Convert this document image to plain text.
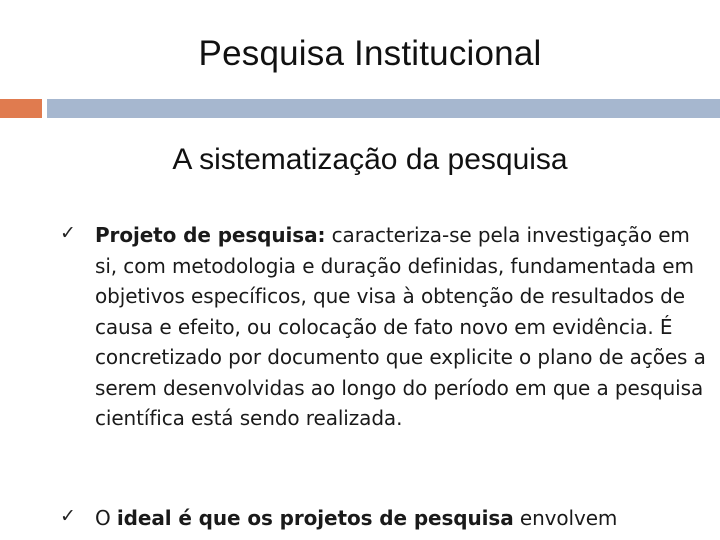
Pesquisa Institucional
A sistematização da pesquisa
✓ Projeto de pesquisa: caracteriza-se pela investigação em si, com metodologia e duração definidas, fundamentada em objetivos específicos, que visa à obtenção de resultados de causa e efeito, ou colocação de fato novo em evidência. É concretizado por documento que explicite o plano de ações a serem desenvolvidas ao longo do período em que a pesquisa científica está sendo realizada.
✓ O ideal é que os projetos de pesquisa envolvem
